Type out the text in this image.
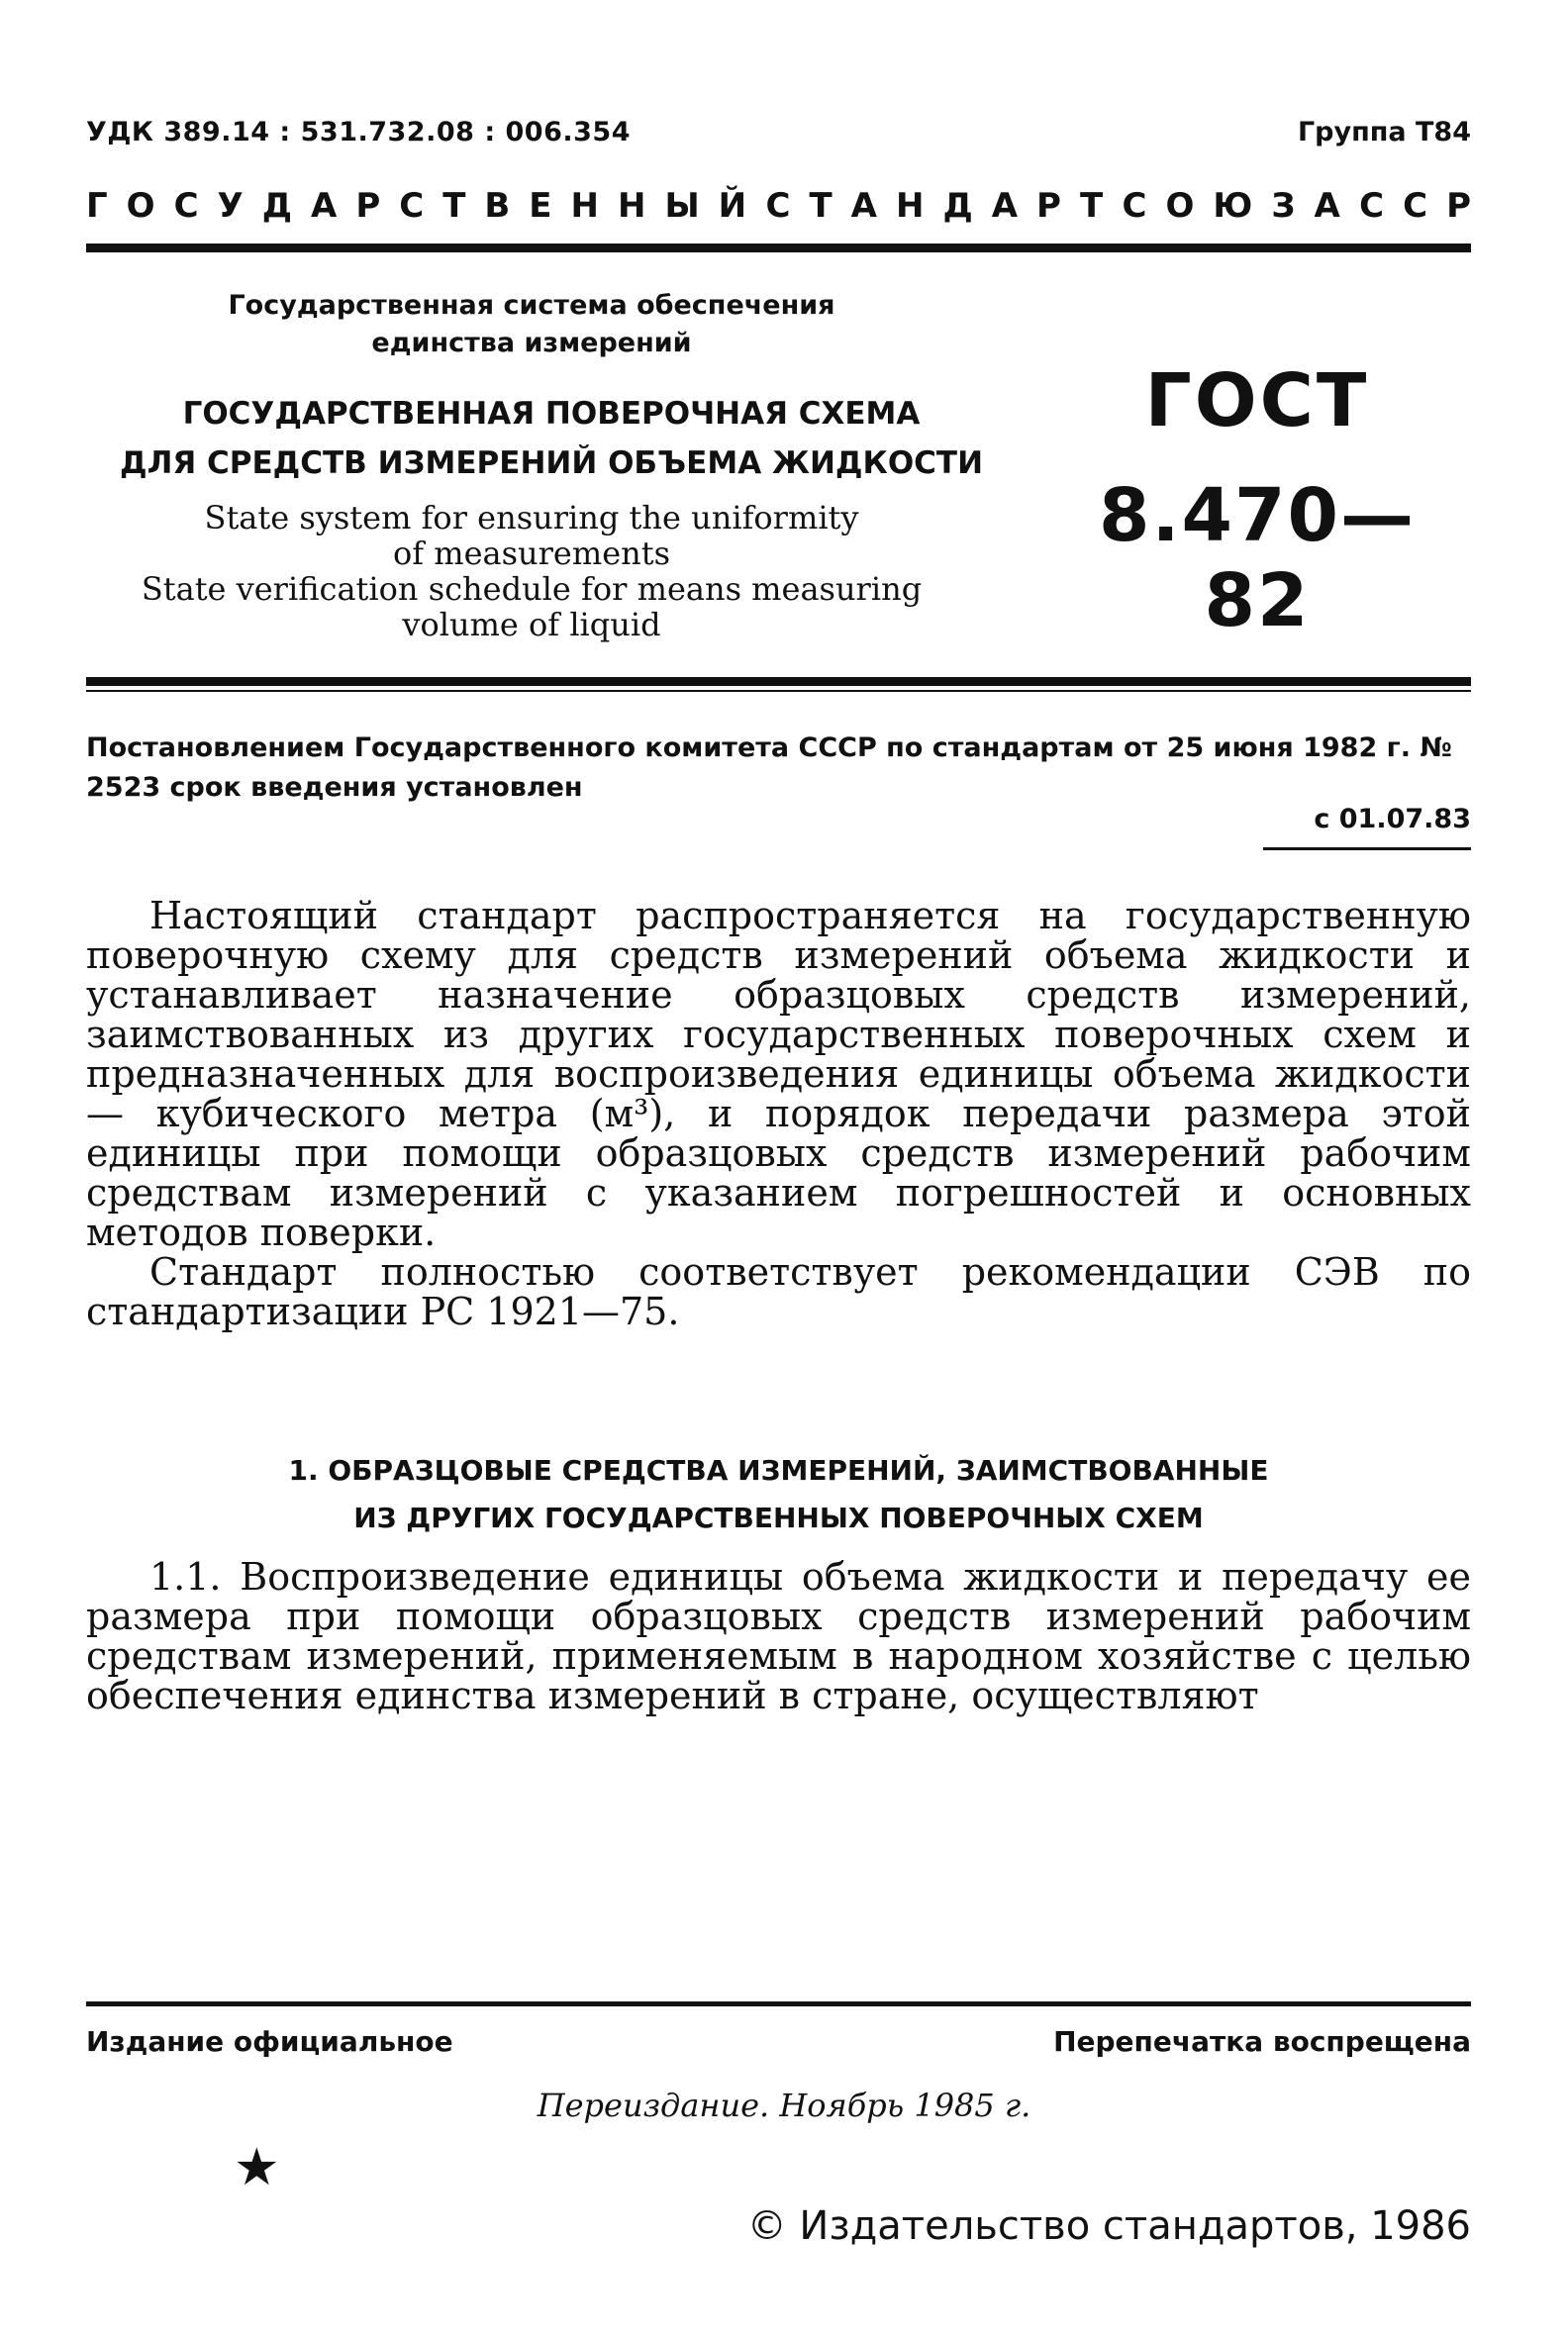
УДК 389.14 : 531.732.08 : 006.354	Группа Т84
ГОСУДАРСТВЕННЫЙ СТАНДАРТ СОЮЗА ССР
Государственная система обеспечения
единства измерений
ГОСУДАРСТВЕННАЯ ПОВЕРОЧНАЯ СХЕМА
ДЛЯ СРЕДСТВ ИЗМЕРЕНИЙ ОБЪЕМА ЖИДКОСТИ
State system for ensuring the uniformity
of measurements
State verification schedule for means measuring
volume of liquid
ГОСТ
8.470—82
Постановлением Государственного комитета СССР по стандартам от 25 июня 1982 г. № 2523 срок введения установлен
с 01.07.83

Настоящий стандарт распространяется на государственную поверочную схему для средств измерений объема жидкости и устанавливает назначение образцовых средств измерений, заимствованных из других государственных поверочных схем и предназначенных для воспроизведения единицы объема жидкости — кубического метра (м³), и порядок передачи размера этой единицы при помощи образцовых средств измерений рабочим средствам измерений с указанием погрешностей и основных методов поверки.

Стандарт полностью соответствует рекомендации СЭВ по стандартизации РС 1921—75.

1. ОБРАЗЦОВЫЕ СРЕДСТВА ИЗМЕРЕНИЙ, ЗАИМСТВОВАННЫЕ
ИЗ ДРУГИХ ГОСУДАРСТВЕННЫХ ПОВЕРОЧНЫХ СХЕМ

1.1. Воспроизведение единицы объема жидкости и передачу ее размера при помощи образцовых средств измерений рабочим средствам измерений, применяемым в народном хозяйстве с целью обеспечения единства измерений в стране, осуществляют

Издание официальное	Перепечатка воспрещена
Переиздание. Ноябрь 1985 г.
★
© Издательство стандартов, 1986
